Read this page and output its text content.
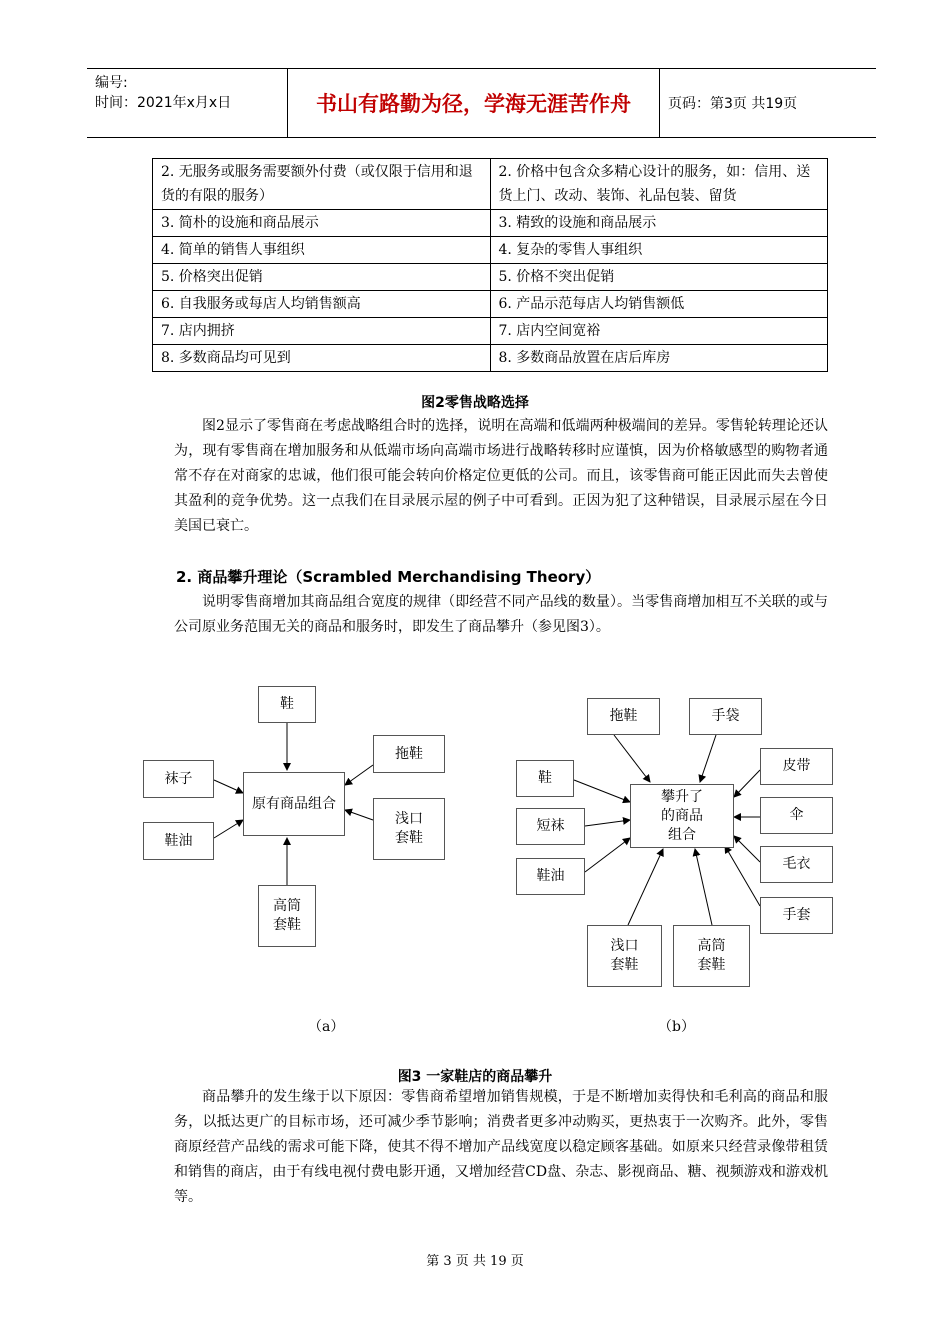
编号:
时间：2021年x月x日	书山有路勤为径，学海无涯苦作舟	页码：第3页 共19页
2. 无服务或服务需要额外付费（或仅限于信用和退货的有限的服务）	2. 价格中包含众多精心设计的服务，如：信用、送货上门、改动、装饰、礼品包装、留货
3. 简朴的设施和商品展示	3. 精致的设施和商品展示
4. 简单的销售人事组织	4. 复杂的零售人事组织
5. 价格突出促销	5. 价格不突出促销
6. 自我服务或每店人均销售额高	6. 产品示范每店人均销售额低
7. 店内拥挤	7. 店内空间宽裕
8. 多数商品均可见到	8. 多数商品放置在店后库房
图2零售战略选择

图2显示了零售商在考虑战略组合时的选择，说明在高端和低端两种极端间的差异。零售轮转理论还认为，现有零售商在增加服务和从低端市场向高端市场进行战略转移时应谨慎，因为价格敏感型的购物者通常不存在对商家的忠诚，他们很可能会转向价格定位更低的公司。而且，该零售商可能正因此而失去曾使其盈利的竞争优势。这一点我们在目录展示屋的例子中可看到。正因为犯了这种错误，目录展示屋在今日美国已衰亡。

2. 商品攀升理论（Scrambled Merchandising Theory）

说明零售商增加其商品组合宽度的规律（即经营不同产品线的数量）。当零售商增加相互不关联的或与公司原业务范围无关的商品和服务时，即发生了商品攀升（参见图3）。

原有商品组合
鞋
拖鞋
袜子
鞋油
浅口套鞋
高筒套鞋
（a）
攀升了的商品组合
拖鞋	手袋
皮带
伞
毛衣
手套
鞋
短袜
鞋油
浅口套鞋
高筒套鞋
（b）
图3 一家鞋店的商品攀升

商品攀升的发生缘于以下原因：零售商希望增加销售规模，于是不断增加卖得快和毛利高的商品和服务，以抵达更广的目标市场，还可减少季节影响；消费者更多冲动购买，更热衷于一次购齐。此外，零售商原经营产品线的需求可能下降，使其不得不增加产品线宽度以稳定顾客基础。如原来只经营录像带租赁和销售的商店，由于有线电视付费电影开通，又增加经营CD盘、杂志、影视商品、糖、视频游戏和游戏机等。

第 3 页 共 19 页
